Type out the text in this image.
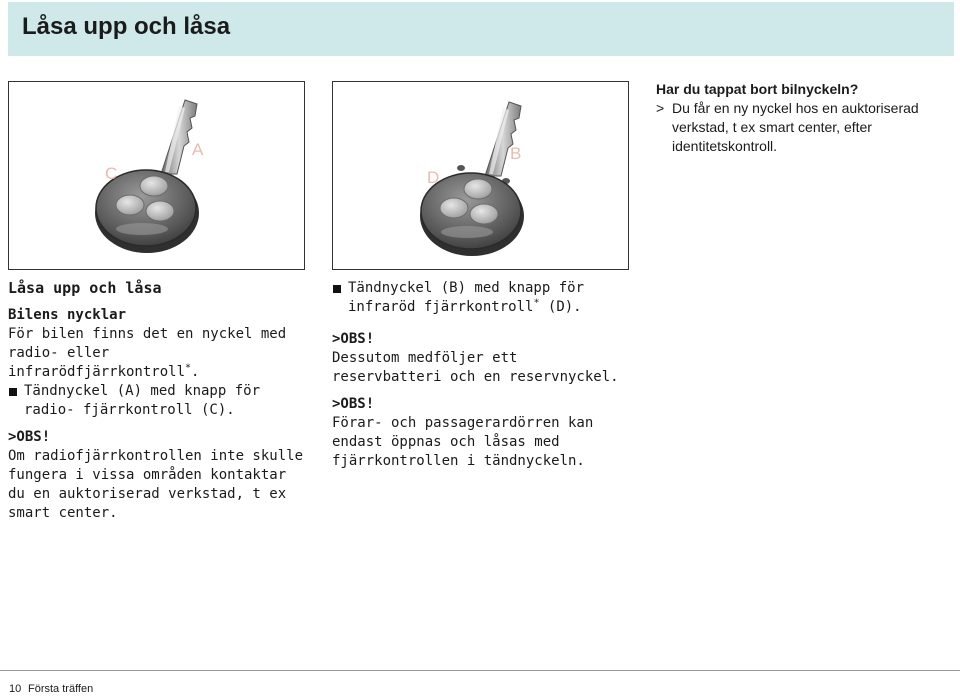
Låsa upp och låsa
C
A
D
B

Har du tappat bort bilnyckeln?

> Du får en ny nyckel hos en auktoriserad verkstad, t ex smart center, efter identitetskontroll.

Låsa upp och låsa

Bilens nycklar

För bilen finns det en nyckel med radio- eller infrarödfjärrkontroll*.

Tändnyckel (A) med knapp för radio- fjärrkontroll (C).

>OBS!

Om radiofjärrkontrollen inte skulle fungera i vissa områden kontaktar du en auktoriserad verkstad, t ex smart center.

Tändnyckel (B) med knapp för infraröd fjärrkontroll* (D).

>OBS!

Dessutom medföljer ett reservbatteri och en reservnyckel.

>OBS!

Förar- och passagerardörren kan endast öppnas och låsas med fjärrkontrollen i tändnyckeln.

10 Första träffen
